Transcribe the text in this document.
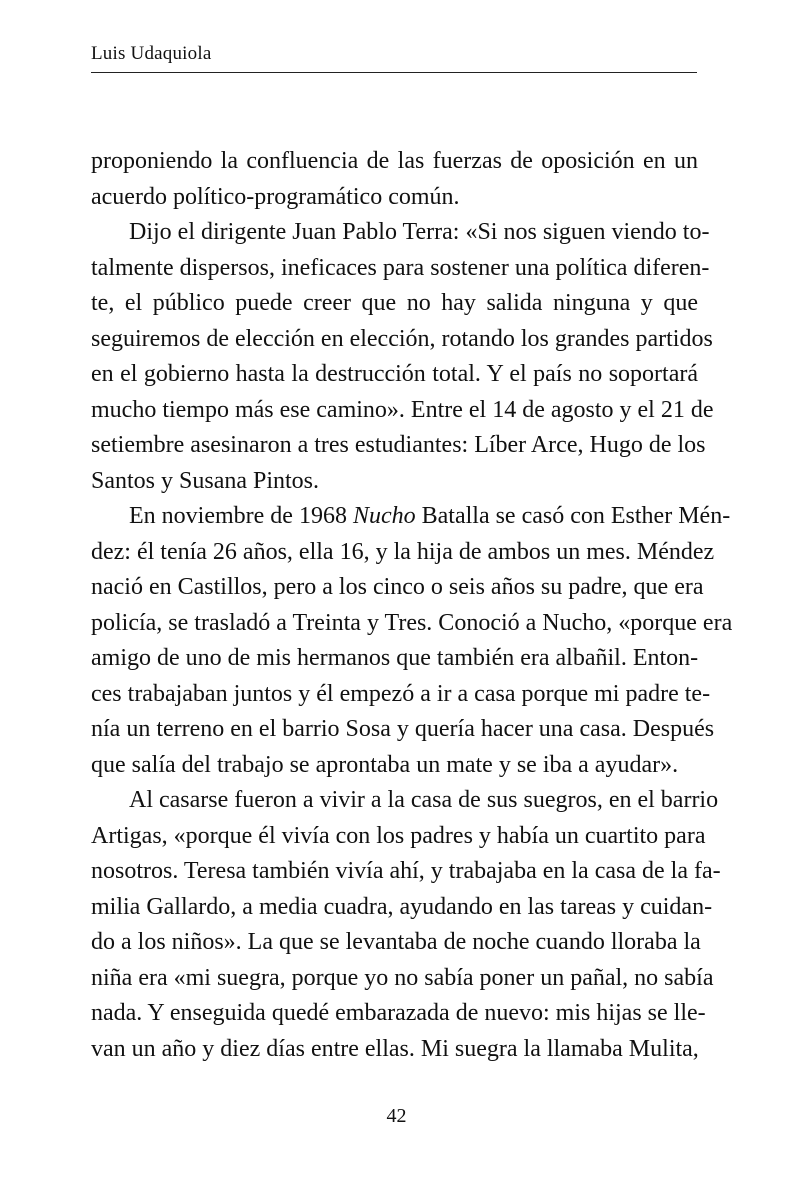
Luis Udaquiola
proponiendo la confluencia de las fuerzas de oposición en un
acuerdo político-programático común.
Dijo el dirigente Juan Pablo Terra: «Si nos siguen viendo to-
talmente dispersos, ineficaces para sostener una política diferen-
te, el público puede creer que no hay salida ninguna y que
seguiremos de elección en elección, rotando los grandes partidos
en el gobierno hasta la destrucción total. Y el país no soportará
mucho tiempo más ese camino». Entre el 14 de agosto y el 21 de
setiembre asesinaron a tres estudiantes: Líber Arce, Hugo de los
Santos y Susana Pintos.
En noviembre de 1968 Nucho Batalla se casó con Esther Mén-
dez: él tenía 26 años, ella 16, y la hija de ambos un mes. Méndez
nació en Castillos, pero a los cinco o seis años su padre, que era
policía, se trasladó a Treinta y Tres. Conoció a Nucho, «porque era
amigo de uno de mis hermanos que también era albañil. Enton-
ces trabajaban juntos y él empezó a ir a casa porque mi padre te-
nía un terreno en el barrio Sosa y quería hacer una casa. Después
que salía del trabajo se aprontaba un mate y se iba a ayudar».
Al casarse fueron a vivir a la casa de sus suegros, en el barrio
Artigas, «porque él vivía con los padres y había un cuartito para
nosotros. Teresa también vivía ahí, y trabajaba en la casa de la fa-
milia Gallardo, a media cuadra, ayudando en las tareas y cuidan-
do a los niños». La que se levantaba de noche cuando lloraba la
niña era «mi suegra, porque yo no sabía poner un pañal, no sabía
nada. Y enseguida quedé embarazada de nuevo: mis hijas se lle-
van un año y diez días entre ellas. Mi suegra la llamaba Mulita,
42
